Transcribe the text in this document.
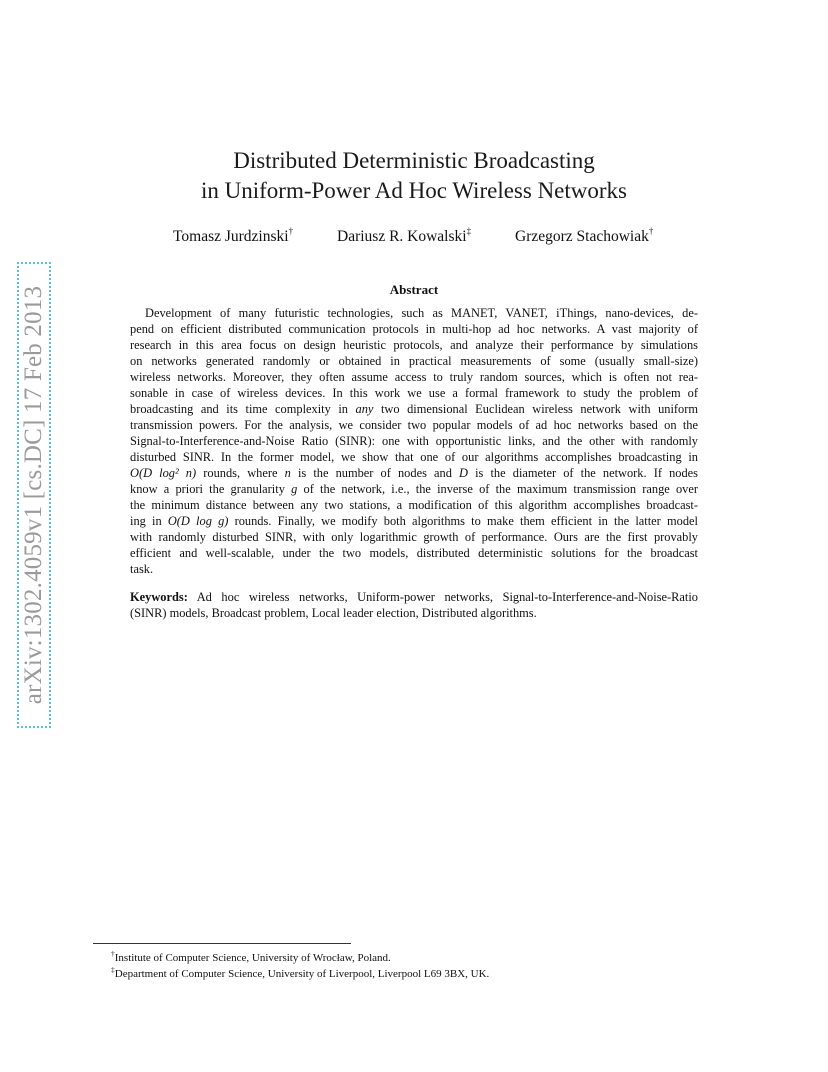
arXiv:1302.4059v1 [cs.DC] 17 Feb 2013
Distributed Deterministic Broadcasting
in Uniform-Power Ad Hoc Wireless Networks
Tomasz Jurdzinski†	Dariusz R. Kowalski‡	Grzegorz Stachowiak†
Abstract
Development of many futuristic technologies, such as MANET, VANET, iThings, nano-devices, de-
pend on efficient distributed communication protocols in multi-hop ad hoc networks. A vast majority of
research in this area focus on design heuristic protocols, and analyze their performance by simulations
on networks generated randomly or obtained in practical measurements of some (usually small-size)
wireless networks. Moreover, they often assume access to truly random sources, which is often not rea-
sonable in case of wireless devices. In this work we use a formal framework to study the problem of
broadcasting and its time complexity in any two dimensional Euclidean wireless network with uniform
transmission powers. For the analysis, we consider two popular models of ad hoc networks based on the
Signal-to-Interference-and-Noise Ratio (SINR): one with opportunistic links, and the other with randomly
disturbed SINR. In the former model, we show that one of our algorithms accomplishes broadcasting in
O(D log² n) rounds, where n is the number of nodes and D is the diameter of the network. If nodes
know a priori the granularity g of the network, i.e., the inverse of the maximum transmission range over
the minimum distance between any two stations, a modification of this algorithm accomplishes broadcast-
ing in O(D log g) rounds. Finally, we modify both algorithms to make them efficient in the latter model
with randomly disturbed SINR, with only logarithmic growth of performance. Ours are the first provably
efficient and well-scalable, under the two models, distributed deterministic solutions for the broadcast
task.
Keywords: Ad hoc wireless networks, Uniform-power networks, Signal-to-Interference-and-Noise-Ratio
(SINR) models, Broadcast problem, Local leader election, Distributed algorithms.
†Institute of Computer Science, University of Wrocław, Poland.
‡Department of Computer Science, University of Liverpool, Liverpool L69 3BX, UK.
